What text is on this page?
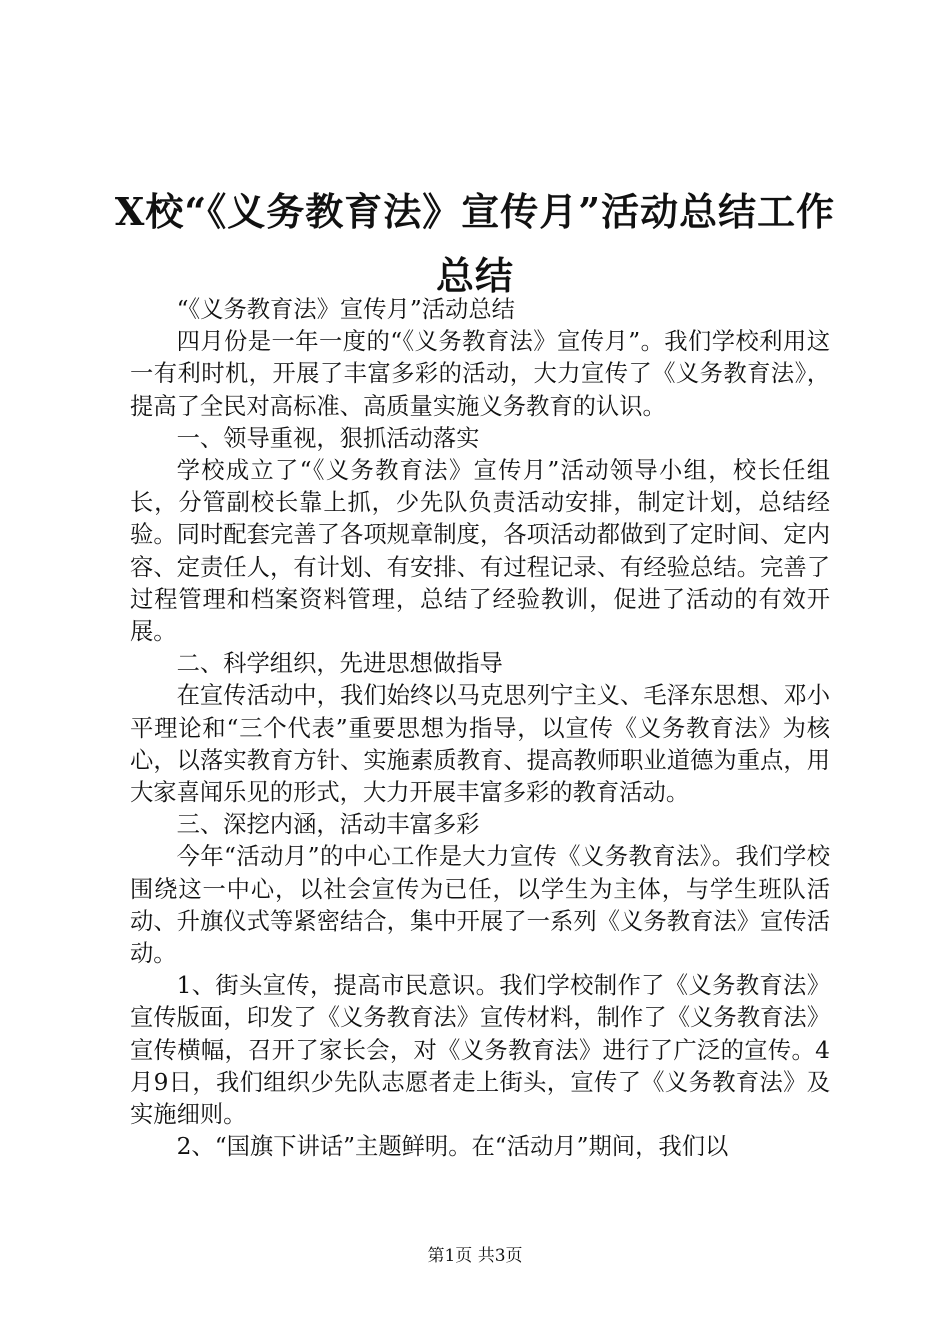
X校“《义务教育法》宣传月”活动总结工作总结

“《义务教育法》宣传月”活动总结

四月份是一年一度的“《义务教育法》宣传月”。我们学校利用这一有利时机，开展了丰富多彩的活动，大力宣传了《义务教育法》，提高了全民对高标准、高质量实施义务教育的认识。

一、领导重视，狠抓活动落实

学校成立了“《义务教育法》宣传月”活动领导小组，校长任组长，分管副校长靠上抓，少先队负责活动安排，制定计划，总结经验。同时配套完善了各项规章制度，各项活动都做到了定时间、定内容、定责任人，有计划、有安排、有过程记录、有经验总结。完善了过程管理和档案资料管理，总结了经验教训，促进了活动的有效开展。

二、科学组织，先进思想做指导

在宣传活动中，我们始终以马克思列宁主义、毛泽东思想、邓小平理论和“三个代表”重要思想为指导，以宣传《义务教育法》为核心，以落实教育方针、实施素质教育、提高教师职业道德为重点，用大家喜闻乐见的形式，大力开展丰富多彩的教育活动。

三、深挖内涵，活动丰富多彩

今年“活动月”的中心工作是大力宣传《义务教育法》。我们学校围绕这一中心，以社会宣传为已任，以学生为主体，与学生班队活动、升旗仪式等紧密结合，集中开展了一系列《义务教育法》宣传活动。

1、街头宣传，提高市民意识。我们学校制作了《义务教育法》宣传版面，印发了《义务教育法》宣传材料，制作了《义务教育法》宣传横幅，召开了家长会，对《义务教育法》进行了广泛的宣传。4月9日，我们组织少先队志愿者走上街头，宣传了《义务教育法》及实施细则。

2、“国旗下讲话”主题鲜明。在“活动月”期间，我们以

第1页 共3页
